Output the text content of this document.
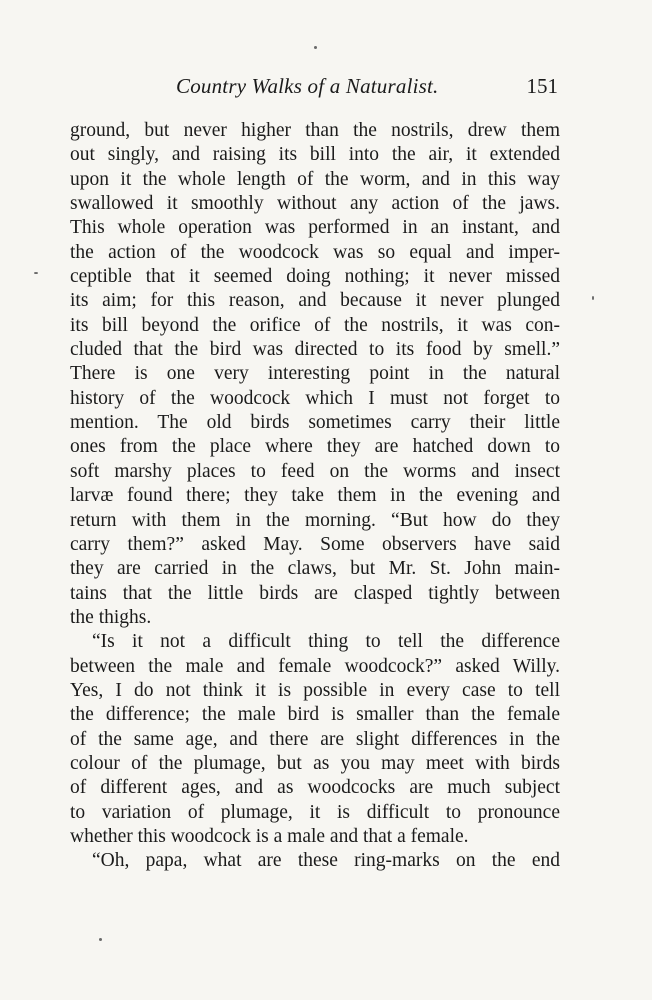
Country Walks of a Naturalist.	151
ground, but never higher than the nostrils, drew them
out singly, and raising its bill into the air, it extended
upon it the whole length of the worm, and in this way
swallowed it smoothly without any action of the jaws.
This whole operation was performed in an instant, and
the action of the woodcock was so equal and imper-
ceptible that it seemed doing nothing; it never missed
its aim; for this reason, and because it never plunged
its bill beyond the orifice of the nostrils, it was con-
cluded that the bird was directed to its food by smell.”
There is one very interesting point in the natural
history of the woodcock which I must not forget to
mention. The old birds sometimes carry their little
ones from the place where they are hatched down to
soft marshy places to feed on the worms and insect
larvæ found there; they take them in the evening and
return with them in the morning. “But how do they
carry them?” asked May. Some observers have said
they are carried in the claws, but Mr. St. John main-
tains that the little birds are clasped tightly between
the thighs.
“Is it not a difficult thing to tell the difference
between the male and female woodcock?” asked Willy.
Yes, I do not think it is possible in every case to tell
the difference; the male bird is smaller than the female
of the same age, and there are slight differences in the
colour of the plumage, but as you may meet with birds
of different ages, and as woodcocks are much subject
to variation of plumage, it is difficult to pronounce
whether this woodcock is a male and that a female.
“Oh, papa, what are these ring-marks on the end
